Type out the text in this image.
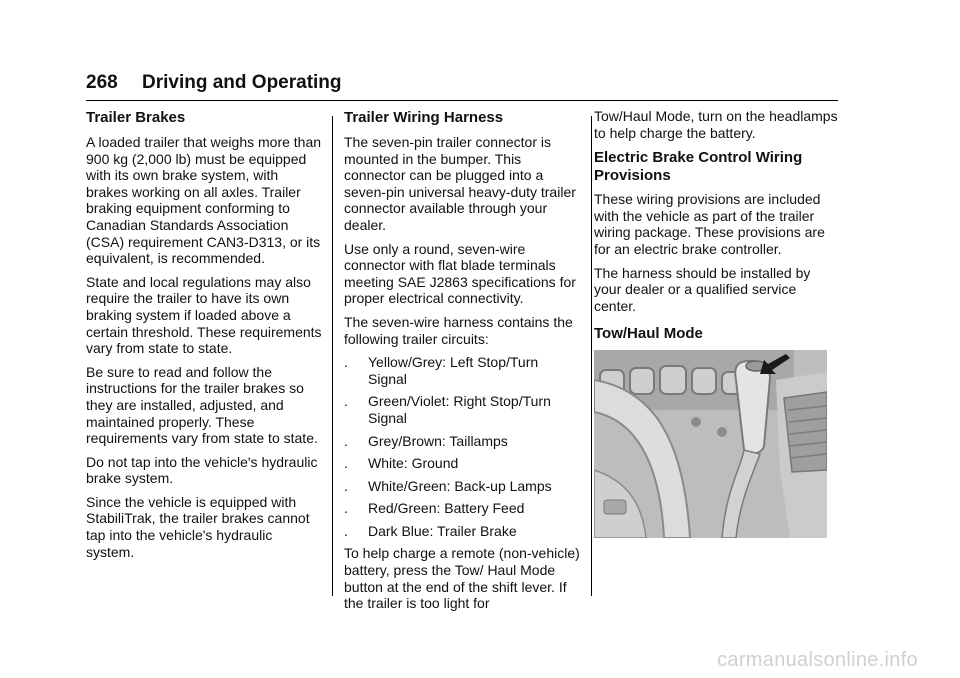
268 Driving and Operating
Trailer Brakes

A loaded trailer that weighs more than 900 kg (2,000 lb) must be equipped with its own brake system, with brakes working on all axles. Trailer braking equipment conforming to Canadian Standards Association (CSA) requirement CAN3-D313, or its equivalent, is recommended.

State and local regulations may also require the trailer to have its own braking system if loaded above a certain threshold. These requirements vary from state to state.

Be sure to read and follow the instructions for the trailer brakes so they are installed, adjusted, and maintained properly. These requirements vary from state to state.

Do not tap into the vehicle's hydraulic brake system.

Since the vehicle is equipped with StabiliTrak, the trailer brakes cannot tap into the vehicle's hydraulic system.

Trailer Wiring Harness

The seven-pin trailer connector is mounted in the bumper. This connector can be plugged into a seven-pin universal heavy-duty trailer connector available through your dealer.

Use only a round, seven-wire connector with flat blade terminals meeting SAE J2863 specifications for proper electrical connectivity.

The seven-wire harness contains the following trailer circuits:

. Yellow/Grey: Left Stop/Turn Signal
. Green/Violet: Right Stop/Turn Signal
. Grey/Brown: Taillamps
. White: Ground
. White/Green: Back-up Lamps
. Red/Green: Battery Feed
. Dark Blue: Trailer Brake

To help charge a remote (non-vehicle) battery, press the Tow/ Haul Mode button at the end of the shift lever. If the trailer is too light for

Tow/Haul Mode, turn on the headlamps to help charge the battery.

Electric Brake Control Wiring Provisions

These wiring provisions are included with the vehicle as part of the trailer wiring package. These provisions are for an electric brake controller.

The harness should be installed by your dealer or a qualified service center.

Tow/Haul Mode
carmanualsonline.info
